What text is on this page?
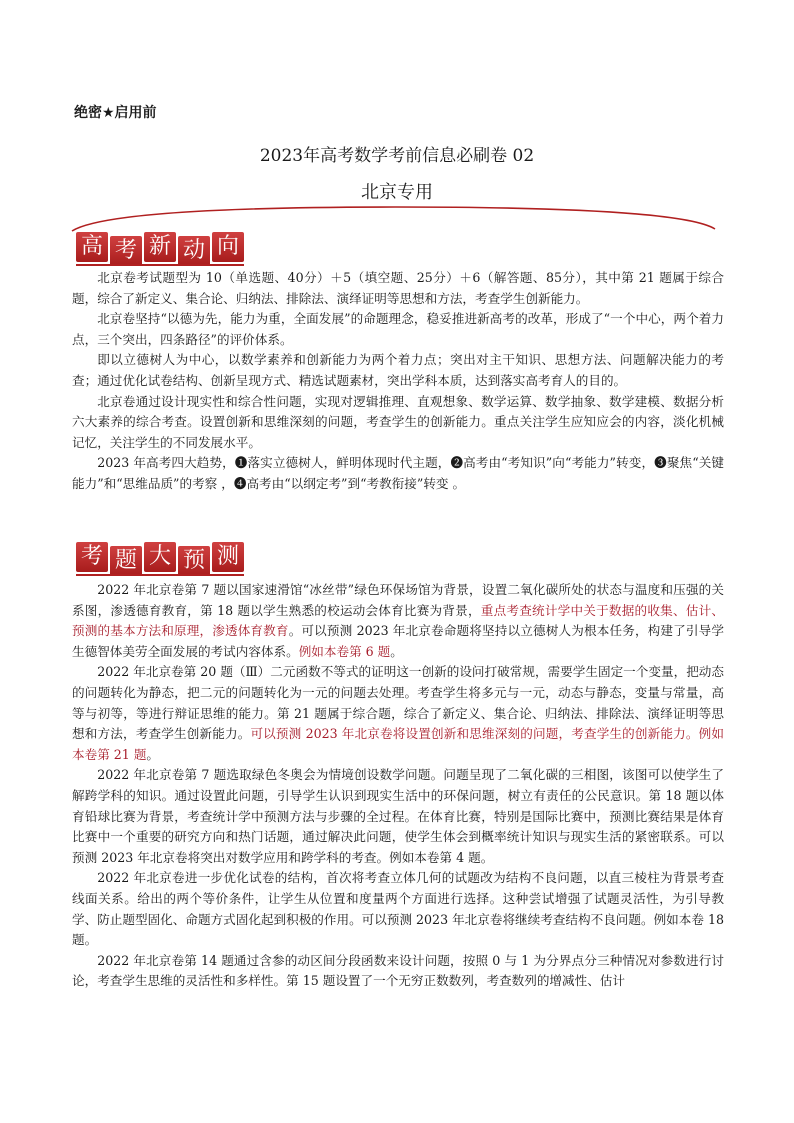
绝密★启用前
2023年高考数学考前信息必刷卷 02
北京专用
高 考 新 动 向

北京卷考试题型为 10（单选题、40分）＋5（填空题、25分）＋6（解答题、85分），其中第 21 题属于综合题，综合了新定义、集合论、归纳法、排除法、演绎证明等思想和方法，考查学生创新能力。

北京卷坚持“以德为先，能力为重，全面发展”的命题理念，稳妥推进新高考的改革，形成了“一个中心，两个着力点，三个突出，四条路径”的评价体系。

即以立德树人为中心，以数学素养和创新能力为两个着力点；突出对主干知识、思想方法、问题解决能力的考查；通过优化试卷结构、创新呈现方式、精选试题素材，突出学科本质，达到落实高考育人的目的。

北京卷通过设计现实性和综合性问题，实现对逻辑推理、直观想象、数学运算、数学抽象、数学建模、数据分析六大素养的综合考查。设置创新和思维深刻的问题，考查学生的创新能力。重点关注学生应知应会的内容，淡化机械记忆，关注学生的不同发展水平。

2023 年高考四大趋势，❶落实立德树人，鲜明体现时代主题，❷高考由“考知识”向“考能力”转变，❸聚焦“关键能力”和“思维品质”的考察 ，❹高考由“以纲定考”到“考教衔接”转变 。

考 题 大 预 测

2022 年北京卷第 7 题以国家速滑馆“冰丝带”绿色环保场馆为背景，设置二氧化碳所处的状态与温度和压强的关系图，渗透德育教育，第 18 题以学生熟悉的校运动会体育比赛为背景，重点考查统计学中关于数据的收集、估计、预测的基本方法和原理，渗透体育教育。可以预测 2023 年北京卷命题将坚持以立德树人为根本任务，构建了引导学生德智体美劳全面发展的考试内容体系。例如本卷第 6 题。

2022 年北京卷第 20 题（Ⅲ）二元函数不等式的证明这一创新的设问打破常规，需要学生固定一个变量，把动态的问题转化为静态，把二元的问题转化为一元的问题去处理。考查学生将多元与一元，动态与静态，变量与常量，高等与初等，等进行辩证思维的能力。第 21 题属于综合题，综合了新定义、集合论、归纳法、排除法、演绎证明等思想和方法，考查学生创新能力。可以预测 2023 年北京卷将设置创新和思维深刻的问题，考查学生的创新能力。例如本卷第 21 题。

2022 年北京卷第 7 题选取绿色冬奥会为情境创设数学问题。问题呈现了二氧化碳的三相图，该图可以使学生了解跨学科的知识。通过设置此问题，引导学生认识到现实生活中的环保问题，树立有责任的公民意识。第 18 题以体育铅球比赛为背景，考查统计学中预测方法与步骤的全过程。在体育比赛，特别是国际比赛中，预测比赛结果是体育比赛中一个重要的研究方向和热门话题，通过解决此问题，使学生体会到概率统计知识与现实生活的紧密联系。可以预测 2023 年北京卷将突出对数学应用和跨学科的考查。例如本卷第 4 题。

2022 年北京卷进一步优化试卷的结构，首次将考查立体几何的试题改为结构不良问题，以直三棱柱为背景考查线面关系。给出的两个等价条件，让学生从位置和度量两个方面进行选择。这种尝试增强了试题灵活性，为引导教学、防止题型固化、命题方式固化起到积极的作用。可以预测 2023 年北京卷将继续考查结构不良问题。例如本卷 18 题。

2022 年北京卷第 14 题通过含参的动区间分段函数来设计问题，按照 0 与 1 为分界点分三种情况对参数进行讨论，考查学生思维的灵活性和多样性。第 15 题设置了一个无穷正数数列，考查数列的增减性、估计
